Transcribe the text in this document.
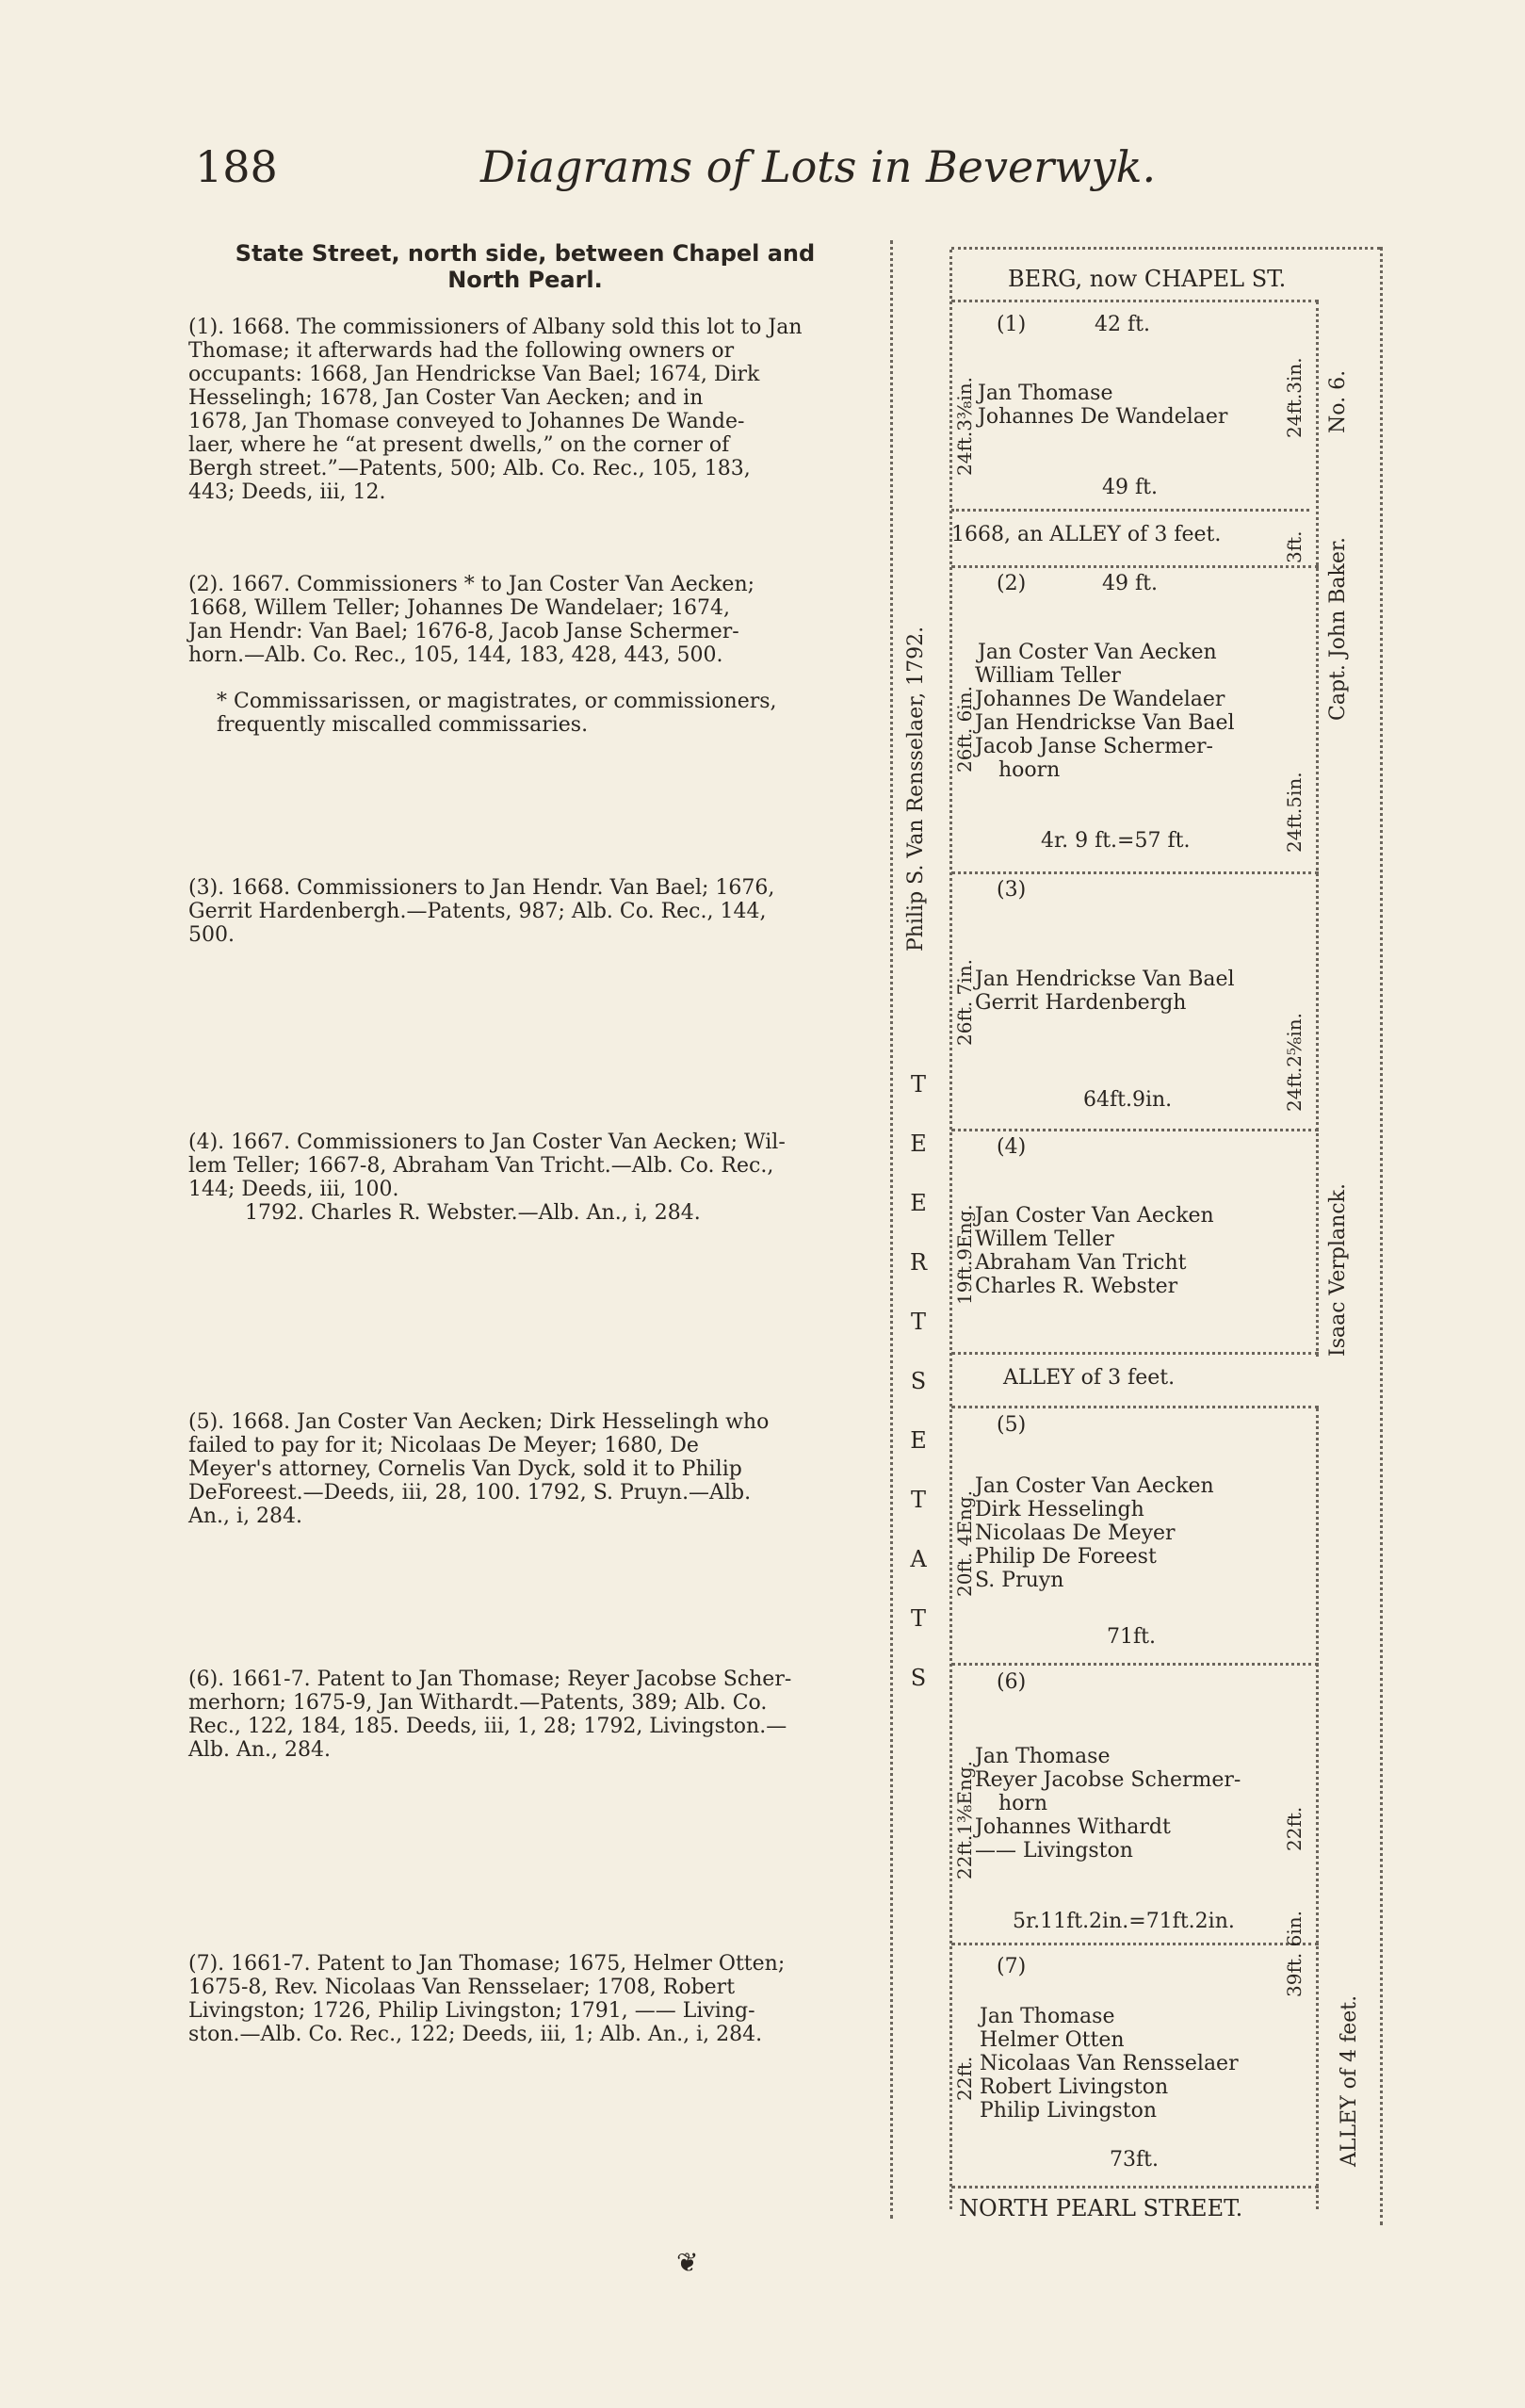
188	Diagrams of Lots in Beverwyk.
State Street, north side, between Chapel and
North Pearl.
(1). 1668. The commissioners of Albany sold this lot to Jan
Thomase; it afterwards had the following owners or
occupants: 1668, Jan Hendrickse Van Bael; 1674, Dirk
Hesselingh; 1678, Jan Coster Van Aecken; and in
1678, Jan Thomase conveyed to Johannes De Wande-
laer, where he “at present dwells,” on the corner of
Bergh street.”—Patents, 500; Alb. Co. Rec., 105, 183,
443; Deeds, iii, 12.
(2). 1667. Commissioners * to Jan Coster Van Aecken;
1668, Willem Teller; Johannes De Wandelaer; 1674,
Jan Hendr: Van Bael; 1676-8, Jacob Janse Schermer-
horn.—Alb. Co. Rec., 105, 144, 183, 428, 443, 500.
* Commissarissen, or magistrates, or commissioners,
frequently miscalled commissaries.
(3). 1668. Commissioners to Jan Hendr. Van Bael; 1676,
Gerrit Hardenbergh.—Patents, 987; Alb. Co. Rec., 144,
500.
(4). 1667. Commissioners to Jan Coster Van Aecken; Wil-
lem Teller; 1667-8, Abraham Van Tricht.—Alb. Co. Rec.,
144; Deeds, iii, 100.
1792. Charles R. Webster.—Alb. An., i, 284.
(5). 1668. Jan Coster Van Aecken; Dirk Hesselingh who
failed to pay for it; Nicolaas De Meyer; 1680, De
Meyer's attorney, Cornelis Van Dyck, sold it to Philip
DeForeest.—Deeds, iii, 28, 100. 1792, S. Pruyn.—Alb.
An., i, 284.
(6). 1661-7. Patent to Jan Thomase; Reyer Jacobse Scher-
merhorn; 1675-9, Jan Withardt.—Patents, 389; Alb. Co.
Rec., 122, 184, 185. Deeds, iii, 1, 28; 1792, Livingston.—
Alb. An., 284.
(7). 1661-7. Patent to Jan Thomase; 1675, Helmer Otten;
1675-8, Rev. Nicolaas Van Rensselaer; 1708, Robert
Livingston; 1726, Philip Livingston; 1791, —— Living-
ston.—Alb. Co. Rec., 122; Deeds, iii, 1; Alb. An., i, 284.
BERG, now CHAPEL ST.
NORTH PEARL STREET.
T
E
E
R
T
S
E
T
A
T
S
Philip S. Van Rensselaer, 1792.
No. 6.
Capt. John Baker.
Isaac Verplanck.
ALLEY of 4 feet.
1668, an ALLEY of 3 feet.	3ft.
ALLEY of 3 feet.
(1)	42 ft.
24ft.3⅜in.	24ft.3in.
Jan Thomase
Johannes De Wandelaer
49 ft.
(2)	49 ft.
26ft. 6in.
24ft.5in.
Jan Coster Van Aecken
William Teller
Johannes De Wandelaer
Jan Hendrickse Van Bael
Jacob Janse Schermer-
hoorn
4r. 9 ft.=57 ft.
(3)
26ft. 7in.
24ft.2⅝in.
Jan Hendrickse Van Bael
Gerrit Hardenbergh
64ft.9in.
(4)
19ft.9Eng. Jan Coster Van Aecken
Willem Teller
Abraham Van Tricht
Charles R. Webster
(5)
20ft. 4Eng.
Jan Coster Van Aecken
Dirk Hesselingh
Nicolaas De Meyer
Philip De Foreest
S. Pruyn
71ft.
(6)
22ft.1⅜Eng.	22ft.
Jan Thomase
Reyer Jacobse Schermer-
horn
Johannes Withardt
—— Livingston
5r.11ft.2in.=71ft.2in.
(7)
22ft.
39ft. 6in.
Jan Thomase
Helmer Otten
Nicolaas Van Rensselaer
Robert Livingston
Philip Livingston
73ft.
❦
